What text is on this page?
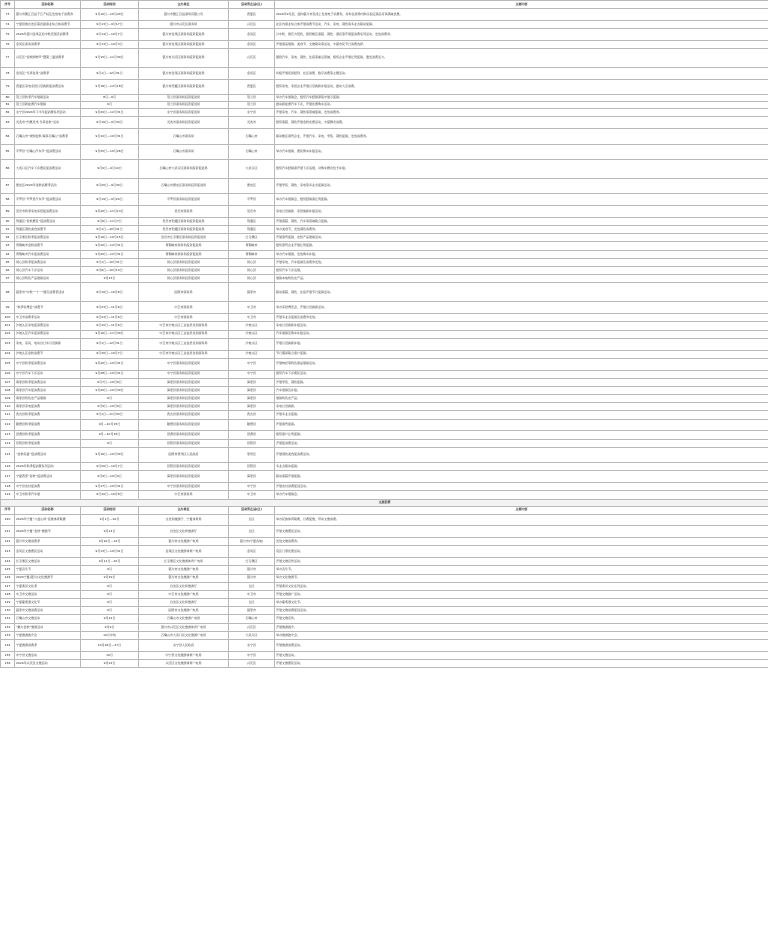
序号	活动名称	活动时间	主办单位	活动所在县(区)	主要内容
73	银川市聚汇百货不忘产权定发放电子消费券	9月10日—10月20日	银川市聚汇百货商场有限公司	西夏区	2024年9月起，面向银川市民线上发放电子消费券，持券在商场内购买指定商品可享满减优惠。
74	宁夏回族自治区第四届商业综合体消费节	9月13日—9月17日	银川市兴庆区商务局	兴庆区	在区内商业综合体开展消费节活动，汽车、家电、餐饮等多业态联动促销。
75	2024年银川金凤区迎中秋庆国庆消费季	9月14日—10月7日	银川市金凤区商务和投资促进局	金凤区	以中秋、国庆为契机，组织辖区商超、餐饮、酒店等开展促消费系列活动，发放消费券。
76	金凤区商务消费季	9月13日—10月3日	银川市金凤区商务和投资促进局	金凤区	开展商品展销、美食节、文旅联动等活动，丰富市民节日消费选择。
77	兴庆区“金秋购物节”暨第二届消费季	9月15日—11月30日	银川市兴庆区商务和投资促进局	兴庆区	围绕汽车、家电、餐饮、住宿等重点领域，组织企业开展让利促销，激发消费活力。
78	金凤区“乐享金凤”消费季	9月1日—12月31日	银川市金凤区商务和投资促进局	金凤区	持续开展夜间经济、社区消费、数字消费等主题活动。
79	西夏区家电家居以旧换新促消费活动	9月18日—12月18日	银川市西夏区商务和投资促进局	西夏区	组织家电、家居企业开展以旧换新补贴活动，推动大宗消费。
80	贺兰县秋季汽车展销活动	8月—9月	贺兰县商务和投资促进局	贺兰县	举办汽车展销会，组织汽车经销商集中展示促销。
81	贺兰县新能源汽车展销	9月	贺兰县商务和投资促进局	贺兰县	推动新能源汽车下乡，开展优惠购车活动。
82	永宁县2024年下半年促消费系列活动	9月20日—12月31日	永宁县商务和投资促进局	永宁县	开展家电、汽车、餐饮等领域促销，发放消费券。
83	灵武市“约惠灵州·乐享金秋”活动	9月16日—9月30日	灵武市商务和投资促进局	灵武市	组织商超、餐饮开展金秋优惠活动，丰富群众消费。
84	石嘴山市“欢购金秋 嗨享石嘴山”消费季	9月10日—10月31日	石嘴山市商务局	石嘴山市	联动辖区商贸企业，开展汽车、家电、零售、餐饮促销，发放消费券。
85	平罗县“石嘴山汽车节”促消费活动	9月25日—10月26日	石嘴山市商务局	石嘴山市	举办汽车展销、惠民购车补贴活动。
86	大武口区汽车下乡惠民促消费活动	9月9日—9月10日	石嘴山市大武口区商务和投资促进局	大武口区	组织汽车经销商开展下乡巡展，对购车群众给予补贴。
87	惠农区2024年金秋消费季活动	9月20日—9月30日	石嘴山市惠农区商务和投资促进局	惠农区	开展零售、餐饮、家电等多业态促销活动。
88	平罗县“平罗县汽车节”促消费活动	9月19日—9月20日	平罗县商务和投资促进局	平罗县	举办汽车展销会，组织经销商让利促销。
89	吴忠市秋季家电家居促消费活动	9月20日—11月13日	吴忠市商务局	吴忠市	家电以旧换新、家居焕新补贴活动。
90	利通区“金秋惠民”促消费活动	9月6日—11月7日	吴忠市利通区商务和投资促进局	利通区	开展商超、餐饮、汽车等领域联合促销。
91	利通区餐饮美食消费节	9月1日—10月31日	吴忠市利通区商务和投资促进局	利通区	举办美食节，发放餐饮消费券。
92	红寺堡区秋季促消费活动	9月16日—10月15日	吴忠市红寺堡区商务和投资促进局	红寺堡区	开展商贸促销、农特产品展销活动。
93	青铜峡市金秋消费节	9月20日—12月31日	青铜峡市商务和投资促进局	青铜峡市	组织商贸企业开展让利促销。
94	青铜峡市汽车促消费活动	9月20日—12月31日	青铜峡市商务和投资促进局	青铜峡市	举办汽车展销，发放购车补贴。
95	同心县秋季促消费活动	9月1日—10月31日	同心县商务和投资促进局	同心县	开展家电、汽车促销及消费券发放。
96	同心县汽车下乡活动	9月8日—10月10日	同心县商务和投资促进局	同心县	组织汽车下乡巡展。
97	同心县特色产品展销活动	9月23日	同心县商务和投资促进局	同心县	展销本地特色农产品。
98	固原市“中秋”“十一”国庆消费季活动	9月10日—10月8日	固原市商务局	固原市	联动商超、餐饮、住宿开展节日促销活动。
99	“秋季家博会”消费节	9月23日—11月6日	中卫市商务局	中卫市	举办家居博览会，开展以旧换新活动。
100	中卫市消费季活动	9月23日—11月6日	中卫市商务局	中卫市	开展多业态促销及消费券发放。
101	沙坡头区家电促消费活动	9月10日—11月6日	中卫市沙坡头区工业信息化和商务局	沙坡头区	家电以旧换新补贴活动。
102	沙坡头区汽车促消费活动	9月16日—11月30日	中卫市沙坡头区工业信息化和商务局	沙坡头区	汽车展销及购车补贴活动。
103	家电、家具、电动自行车以旧换新	9月1日—12月31日	中卫市沙坡头区工业信息化和商务局	沙坡头区	开展以旧换新补贴。
104	沙坡头区金秋消费节	9月30日—10月7日	中卫市沙坡头区工业信息化和商务局	沙坡头区	节日期间联合商户促销。
105	中宁县秋季促消费活动	9月20日—10月31日	中宁县商务和投资促进局	中宁县	开展枸杞等特色商品展销活动。
106	中宁县汽车下乡活动	9月28日—10月31日	中宁县商务和投资促进局	中宁县	组织汽车下乡惠民活动。
107	海原县秋季促消费活动	9月7日—10月6日	海原县商务和投资促进局	海原县	开展零售、餐饮促销。
108	海原县汽车促消费活动	9月20日—10月30日	海原县商务和投资促进局	海原县	汽车展销及补贴。
109	海原县特色农产品展销	9月	海原县商务和投资促进局	海原县	展销特色农产品。
110	海原县家电促消费	9月9日—10月6日	海原县商务和投资促进局	海原县	家电以旧换新。
111	西吉县秋季促消费	9月1日—11月30日	西吉县商务和投资促进局	西吉县	开展多业态促销。
112	隆德县秋季促消费	9月—10月15日	隆德县商务和投资促进局	隆德县	开展商贸促销。
113	泾源县秋季促消费	9月—10月15日	泾源县商务和投资促进局	泾源县	组织商户让利促销。
114	彭阳县秋季促消费	9月	彭阳县商务和投资促进局	彭阳县	开展促消费活动。
115	“金秋家宴”促消费活动	9月16日—10月30日	固原市原州区人民政府	原州区	开展餐饮美食促消费活动。
116	2024年秋季促消费系列活动	9月20日—10月7日	彭阳县商务和投资促进局	彭阳县	多业态联动促销。
117	宁夏西部“金秋”促消费活动	9月9日—10月9日	海原县商务和投资促进局	海原县	联动商超开展促销。
118	中宁县农村促消费	9月17日—10月31日	中宁县商务和投资促进局	中宁县	开展农村消费促进活动。
119	中卫市秋季汽车展	9月10日—10月8日	中卫市商务局	中卫市	举办汽车展销会。
文旅消费					
序号	活动名称	活动时间	主办单位	活动所在县(区)	主要内容
120	2024年宁夏“六盘山杯”民族体育联赛	9月1日—10月	文化和旅游厅、宁夏体育局	全区	举办民族体育联赛，以赛促旅，带动文旅消费。
121	2024年宁夏“金秋”旅游节	9月14日	自治区文化和旅游厅	全区	开展文旅惠民活动。
122	银川市文旅消费季	9月20日—12月	银川市文化旅游广电局	银川市(宁夏各地)	发放文旅消费券。
123	金凤区文旅惠民活动	9月13日—10月31日	金凤区文化旅游体育广电局	金凤区	景区门票优惠活动。
124	红寺堡区文旅活动	9月11日—10月	红寺堡区文化旅游体育广电局	红寺堡区	开展文旅宣传活动。
125	宁夏音乐节	9月	银川市文化旅游广电局	银川市	举办音乐节。
126	2024宁夏(银川)文化旅游节	9月29日	银川市文化旅游广电局	银川市	举办文化旅游节。
127	宁夏黄河文化季	9月	自治区文化和旅游厅	全区	开展黄河文化系列活动。
128	中卫市文旅活动	9月	中卫市文化旅游广电局	中卫市	开展文旅推广活动。
129	宁夏葡萄酒文化节	9月	自治区文化和旅游厅	全区	举办葡萄酒文化节。
130	固原市文旅消费活动	9月	固原市文化旅游广电局	固原市	开展文旅消费促进活动。
131	石嘴山市文旅活动	9月22日	石嘴山市文化旅游广电局	石嘴山市	开展文旅宣传。
132	“魅力金秋”旅游活动	9月9日	银川市兴庆区文化旅游体育广电局	兴庆区	开展旅游推介。
133	宁夏旅游推介会	10月中旬	石嘴山市大武口区文化旅游广电局	大武口区	举办旅游推介会。
134	宁夏旅游消费季	10月26日—27日	永宁县人民政府	永宁县	开展旅游消费活动。
135	中宁县文旅活动	10月	中宁县文化旅游体育广电局	中宁县	开展文旅活动。
136	2024年兴庆区文旅活动	9月22日	兴庆区文化旅游体育广电局	兴庆区	开展文旅惠民活动。
